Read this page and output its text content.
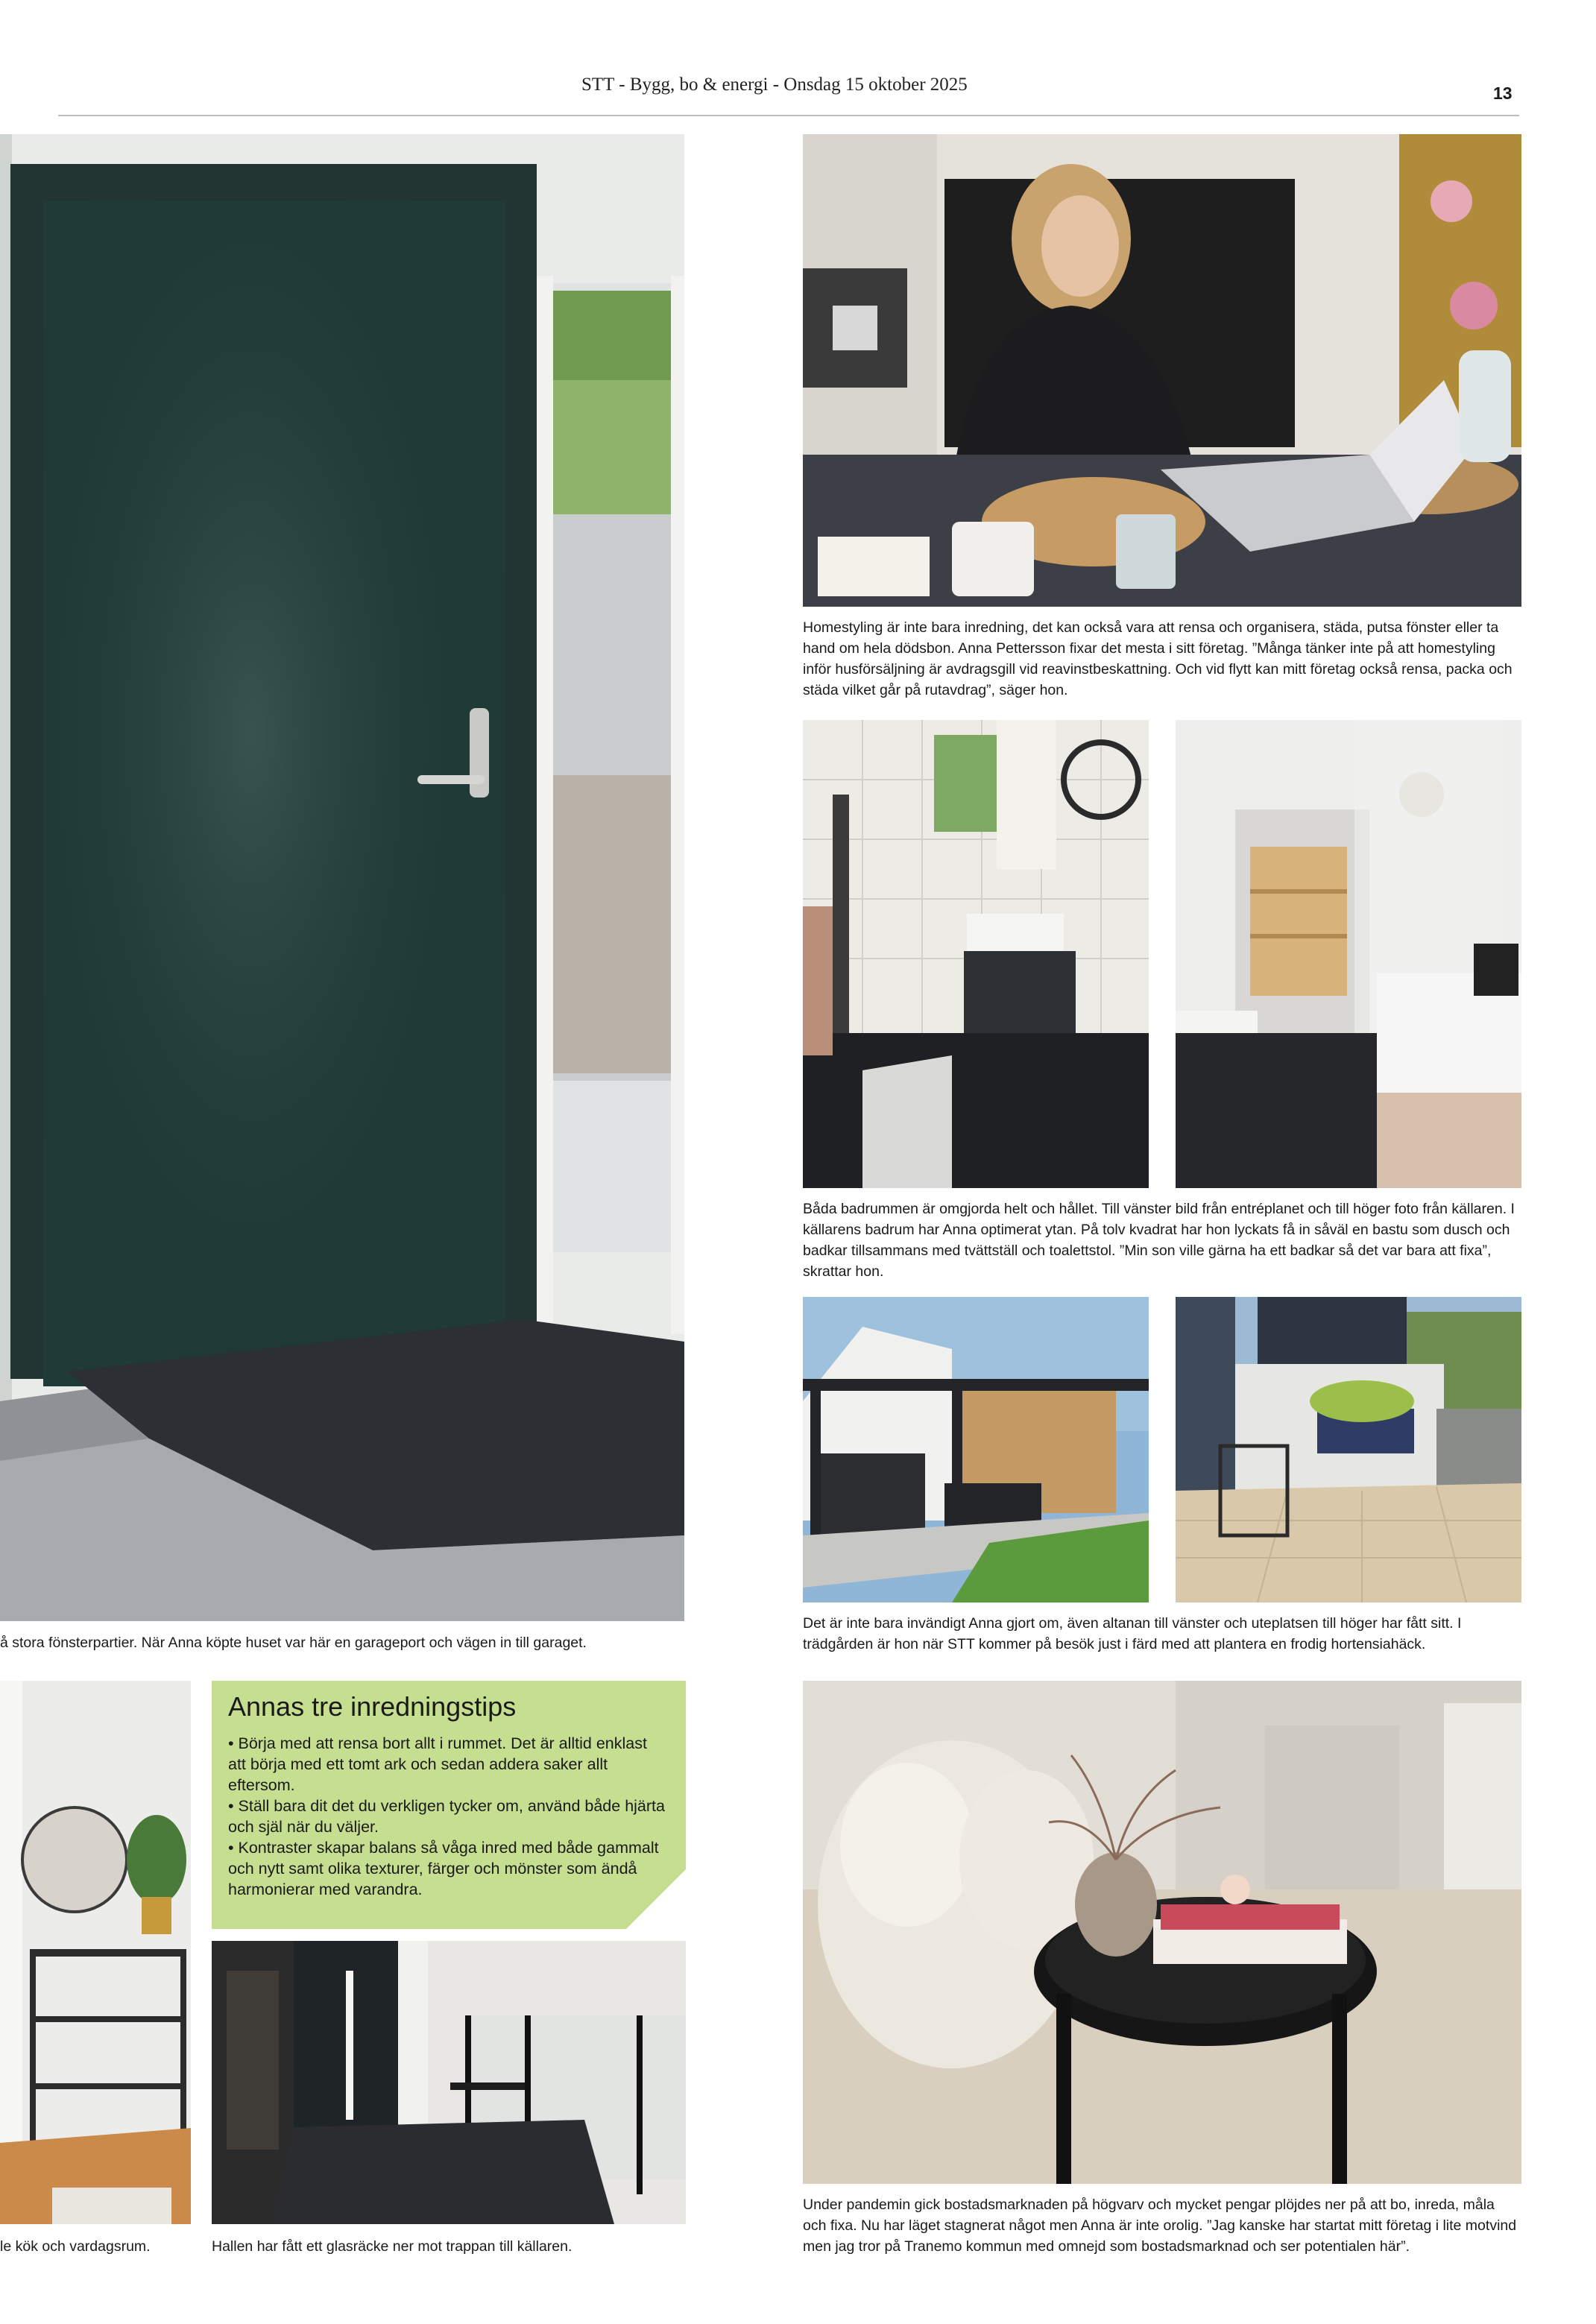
STT - Bygg, bo & energi - Onsdag 15 oktober 2025	13
å stora fönsterpartier. När Anna köpte huset var här en garageport och vägen in till garaget.
Homestyling är inte bara inredning, det kan också vara att rensa och organisera, städa, putsa fönster eller ta hand om hela dödsbon. Anna Pettersson fixar det mesta i sitt företag. ”Många tänker inte på att homestyling inför husförsäljning är avdragsgill vid reavinstbeskattning. Och vid flytt kan mitt företag också rensa, packa och städa vilket går på rutavdrag”, säger hon.
Båda badrummen är omgjorda helt och hållet. Till vänster bild från entréplanet och till höger foto från källaren. I källarens badrum har Anna optimerat ytan. På tolv kvadrat har hon lyckats få in såväl en bastu som dusch och badkar tillsammans med tvättställ och toalettstol. ”Min son ville gärna ha ett badkar så det var bara att fixa”, skrattar hon.
Det är inte bara invändigt Anna gjort om, även altanan till vänster och uteplatsen till höger har fått sitt. I trädgården är hon när STT kommer på besök just i färd med att plantera en frodig hortensiahäck.
le kök och vardagsrum.
Annas tre inredningstips

• Börja med att rensa bort allt i rummet. Det är alltid enklast att börja med ett tomt ark och sedan addera saker allt eftersom.

• Ställ bara dit det du verkligen tycker om, använd både hjärta och själ när du väljer.

• Kontraster skapar balans så våga inred med både gammalt och nytt samt olika texturer, färger och mönster som ändå harmonierar med varandra.

Hallen har fått ett glasräcke ner mot trappan till källaren.
Under pandemin gick bostadsmarknaden på högvarv och mycket pengar plöjdes ner på att bo, inreda, måla och fixa. Nu har läget stagnerat något men Anna är inte orolig. ”Jag kanske har startat mitt företag i lite motvind men jag tror på Tranemo kommun med omnejd som bostadsmarknad och ser potentialen här”.
